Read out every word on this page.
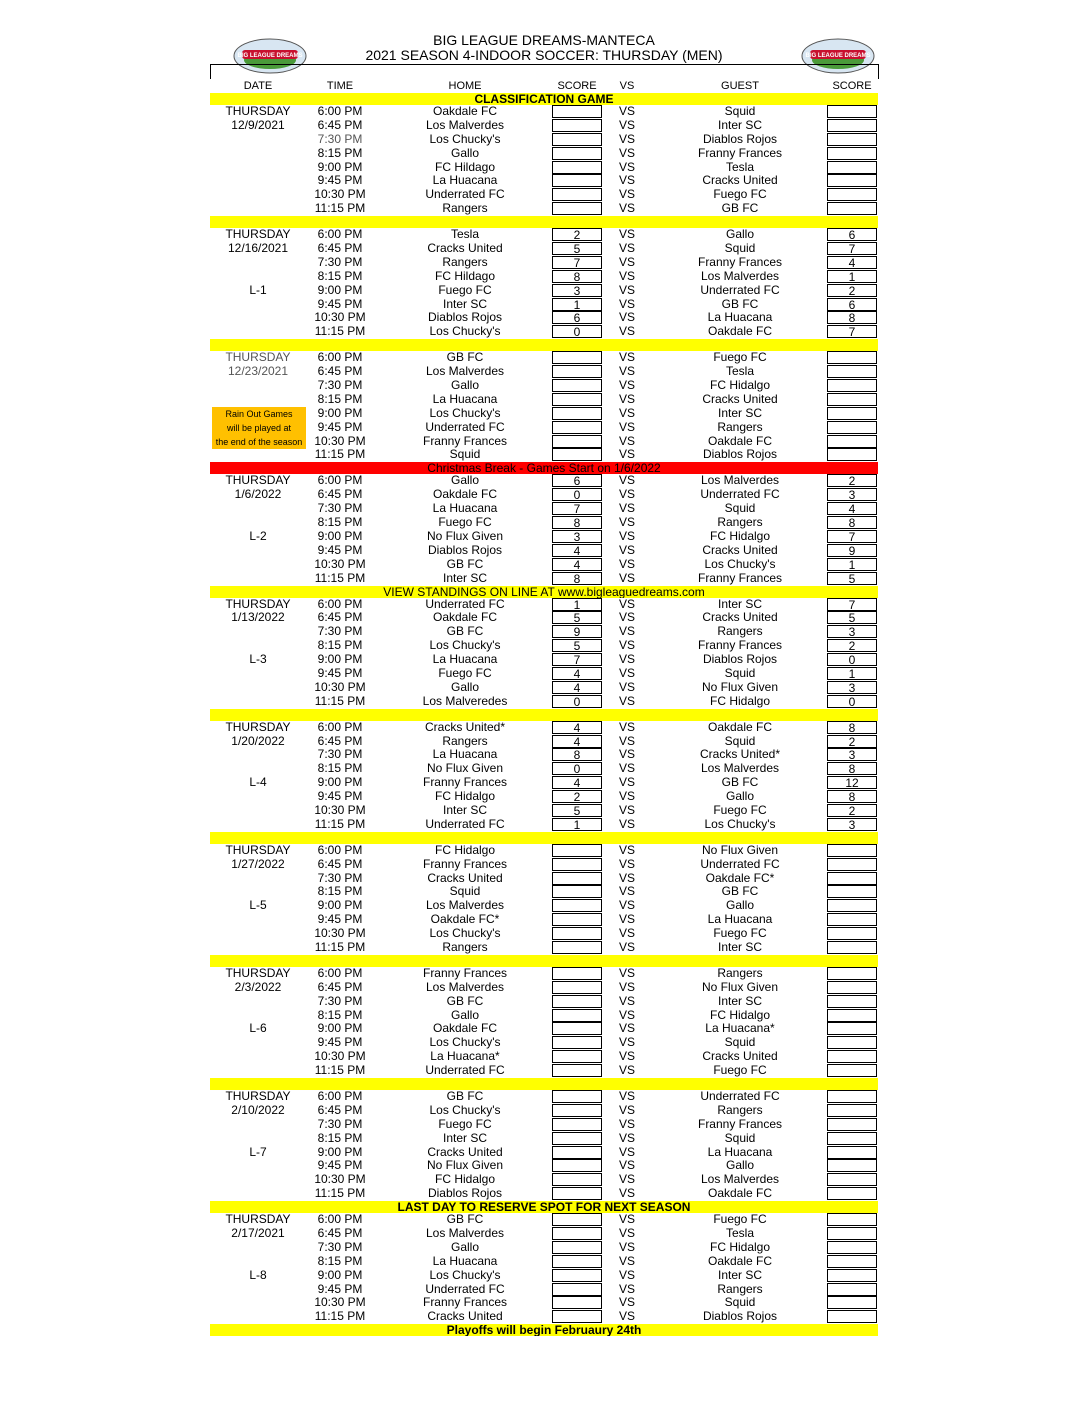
BIG LEAGUE DREAMS	BIG LEAGUE DREAMS
BIG LEAGUE DREAMS-MANTECA
2021 SEASON 4-INDOOR SOCCER: THURSDAY (MEN)
DATE	TIME	HOME	SCORE	VS	GUEST	SCORE
CLASSIFICATION GAME
THURSDAY	6:00 PM	Oakdale FC	VS	Squid
12/9/2021	6:45 PM	Los Malverdes	VS	Inter SC
7:30 PM	Los Chucky's	VS	Diablos Rojos
8:15 PM	Gallo	VS	Franny Frances
9:00 PM	FC Hildago	VS	Tesla
9:45 PM	La Huacana	VS	Cracks United
10:30 PM	Underrated FC	VS	Fuego FC
11:15 PM	Rangers	VS	GB FC
THURSDAY	6:00 PM	Tesla	2	VS	Gallo	6
12/16/2021	6:45 PM	Cracks United	5	VS	Squid	7
7:30 PM	Rangers	7	VS	Franny Frances	4
8:15 PM	FC Hildago	8	VS	Los Malverdes	1
L-1	9:00 PM	Fuego FC	3	VS	Underrated FC	2
9:45 PM	Inter SC	1	VS	GB FC	6
10:30 PM	Diablos Rojos	6	VS	La Huacana	8
11:15 PM	Los Chucky's	0	VS	Oakdale FC	7
THURSDAY	6:00 PM	GB FC	VS	Fuego FC
12/23/2021	6:45 PM	Los Malverdes	VS	Tesla
7:30 PM	Gallo	VS	FC Hidalgo
8:15 PM	La Huacana	VS	Cracks United
9:00 PM	Los Chucky's	VS	Inter SC
9:45 PM	Underrated FC	VS	Rangers
10:30 PM	Franny Frances	VS	Oakdale FC
11:15 PM	Squid	VS	Diablos Rojos
Rain Out Games
will be played at
the end of the season
Christmas Break - Games Start on 1/6/2022
THURSDAY	6:00 PM	Gallo	6	VS	Los Malverdes	2
1/6/2022	6:45 PM	Oakdale FC	0	VS	Underrated FC	3
7:30 PM	La Huacana	7	VS	Squid	4
8:15 PM	Fuego FC	8	VS	Rangers	8
L-2	9:00 PM	No Flux Given	3	VS	FC Hidalgo	7
9:45 PM	Diablos Rojos	4	VS	Cracks United	9
10:30 PM	GB FC	4	VS	Los Chucky's	1
11:15 PM	Inter SC	8	VS	Franny Frances	5
VIEW STANDINGS ON LINE AT www.bigleaguedreams.com
THURSDAY	6:00 PM	Underrated FC	1	VS	Inter SC	7
1/13/2022	6:45 PM	Oakdale FC	5	VS	Cracks United	5
7:30 PM	GB FC	9	VS	Rangers	3
8:15 PM	Los Chucky's	5	VS	Franny Frances	2
L-3	9:00 PM	La Huacana	7	VS	Diablos Rojos	0
9:45 PM	Fuego FC	4	VS	Squid	1
10:30 PM	Gallo	4	VS	No Flux Given	3
11:15 PM	Los Malveredes	0	VS	FC Hidalgo	0
THURSDAY	6:00 PM	Cracks United*	4	VS	Oakdale FC	8
1/20/2022	6:45 PM	Rangers	4	VS	Squid	2
7:30 PM	La Huacana	8	VS	Cracks United*	3
8:15 PM	No Flux Given	0	VS	Los Malverdes	8
L-4	9:00 PM	Franny Frances	4	VS	GB FC	12
9:45 PM	FC Hidalgo	2	VS	Gallo	8
10:30 PM	Inter SC	5	VS	Fuego FC	2
11:15 PM	Underrated FC	1	VS	Los Chucky's	3
THURSDAY	6:00 PM	FC Hidalgo	VS	No Flux Given
1/27/2022	6:45 PM	Franny Frances	VS	Underrated FC
7:30 PM	Cracks United	VS	Oakdale FC*
8:15 PM	Squid	VS	GB FC
L-5	9:00 PM	Los Malverdes	VS	Gallo
9:45 PM	Oakdale FC*	VS	La Huacana
10:30 PM	Los Chucky's	VS	Fuego FC
11:15 PM	Rangers	VS	Inter SC
THURSDAY	6:00 PM	Franny Frances	VS	Rangers
2/3/2022	6:45 PM	Los Malverdes	VS	No Flux Given
7:30 PM	GB FC	VS	Inter SC
8:15 PM	Gallo	VS	FC Hidalgo
L-6	9:00 PM	Oakdale FC	VS	La Huacana*
9:45 PM	Los Chucky's	VS	Squid
10:30 PM	La Huacana*	VS	Cracks United
11:15 PM	Underrated FC	VS	Fuego FC
THURSDAY	6:00 PM	GB FC	VS	Underrated FC
2/10/2022	6:45 PM	Los Chucky's	VS	Rangers
7:30 PM	Fuego FC	VS	Franny Frances
8:15 PM	Inter SC	VS	Squid
L-7	9:00 PM	Cracks United	VS	La Huacana
9:45 PM	No Flux Given	VS	Gallo
10:30 PM	FC Hidalgo	VS	Los Malverdes
11:15 PM	Diablos Rojos	VS	Oakdale FC
LAST DAY TO RESERVE SPOT FOR NEXT SEASON
THURSDAY	6:00 PM	GB FC	VS	Fuego FC
2/17/2021	6:45 PM	Los Malverdes	VS	Tesla
7:30 PM	Gallo	VS	FC Hidalgo
8:15 PM	La Huacana	VS	Oakdale FC
L-8	9:00 PM	Los Chucky's	VS	Inter SC
9:45 PM	Underrated FC	VS	Rangers
10:30 PM	Franny Frances	VS	Squid
11:15 PM	Cracks United	VS	Diablos Rojos
Playoffs will begin Februaury 24th
